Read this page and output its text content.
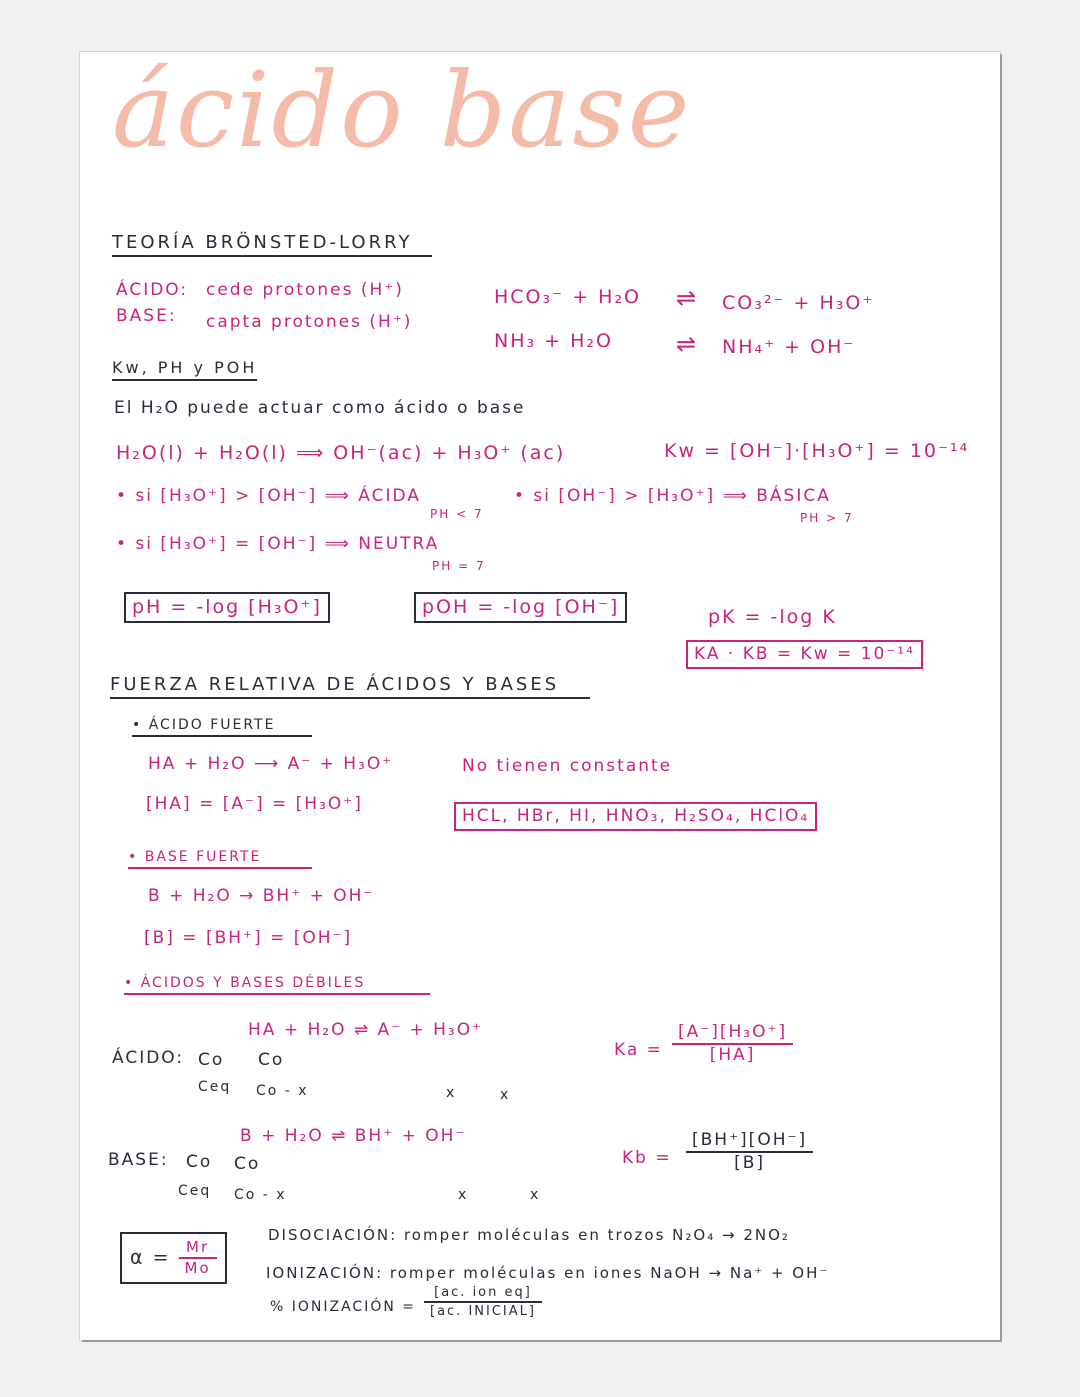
ácido base
TEORÍA BRÖNSTED-LORRY
ÁCIDO: cede protones (H⁺)
BASE: capta protones (H⁺)
HCO₃⁻ + H₂O ⇌ CO₃²⁻ + H₃O⁺
NH₃ + H₂O	⇌ NH₄⁺ + OH⁻
Kw, PH y POH
El H₂O puede actuar como ácido o base
H₂O(l) + H₂O(l) ⟹ OH⁻(ac) + H₃O⁺ (ac)	Kw = [OH⁻]·[H₃O⁺] = 10⁻¹⁴
• si [H₃O⁺] > [OH⁻] ⟹ ÁCIDA
PH < 7
• si [OH⁻] > [H₃O⁺] ⟹ BÁSICA
PH > 7
• si [H₃O⁺] = [OH⁻] ⟹ NEUTRA
PH = 7
pH = -log [H₃O⁺]	pOH = -log [OH⁻]	pK = -log K
KA · KB = Kw = 10⁻¹⁴
FUERZA RELATIVA DE ÁCIDOS Y BASES
• ÁCIDO FUERTE
HA + H₂O ⟶ A⁻ + H₃O⁺
[HA] = [A⁻] = [H₃O⁺]
No tienen constante
HCL, HBr, HI, HNO₃, H₂SO₄, HClO₄
• BASE FUERTE
B + H₂O → BH⁺ + OH⁻
[B] = [BH⁺] = [OH⁻]
• ÁCIDOS Y BASES DÉBILES
HA + H₂O ⇌ A⁻ + H₃O⁺
ÁCIDO: Co Co
Ceq Co - x	x	x
$Ka = \frac{\text{[A⁻][H₃O⁺]}}{[HA]}$
B + H₂O ⇌ BH⁺ + OH⁻
BASE: Co Co
Ceq Co - x	x	x
$Kb = \frac{[BH^+][OH^-]}{[B]}$
$\alpha = \frac{Mr}{Mo}$
DISOCIACIÓN: romper moléculas en trozos N₂O₄ → 2NO₂
IONIZACIÓN: romper moléculas en iones NaOH → Na⁺ + OH⁻
% IONIZACIÓN = $\frac{\text{[ac. ion eq]}}{\text{[ac. INICIAL]}}$
